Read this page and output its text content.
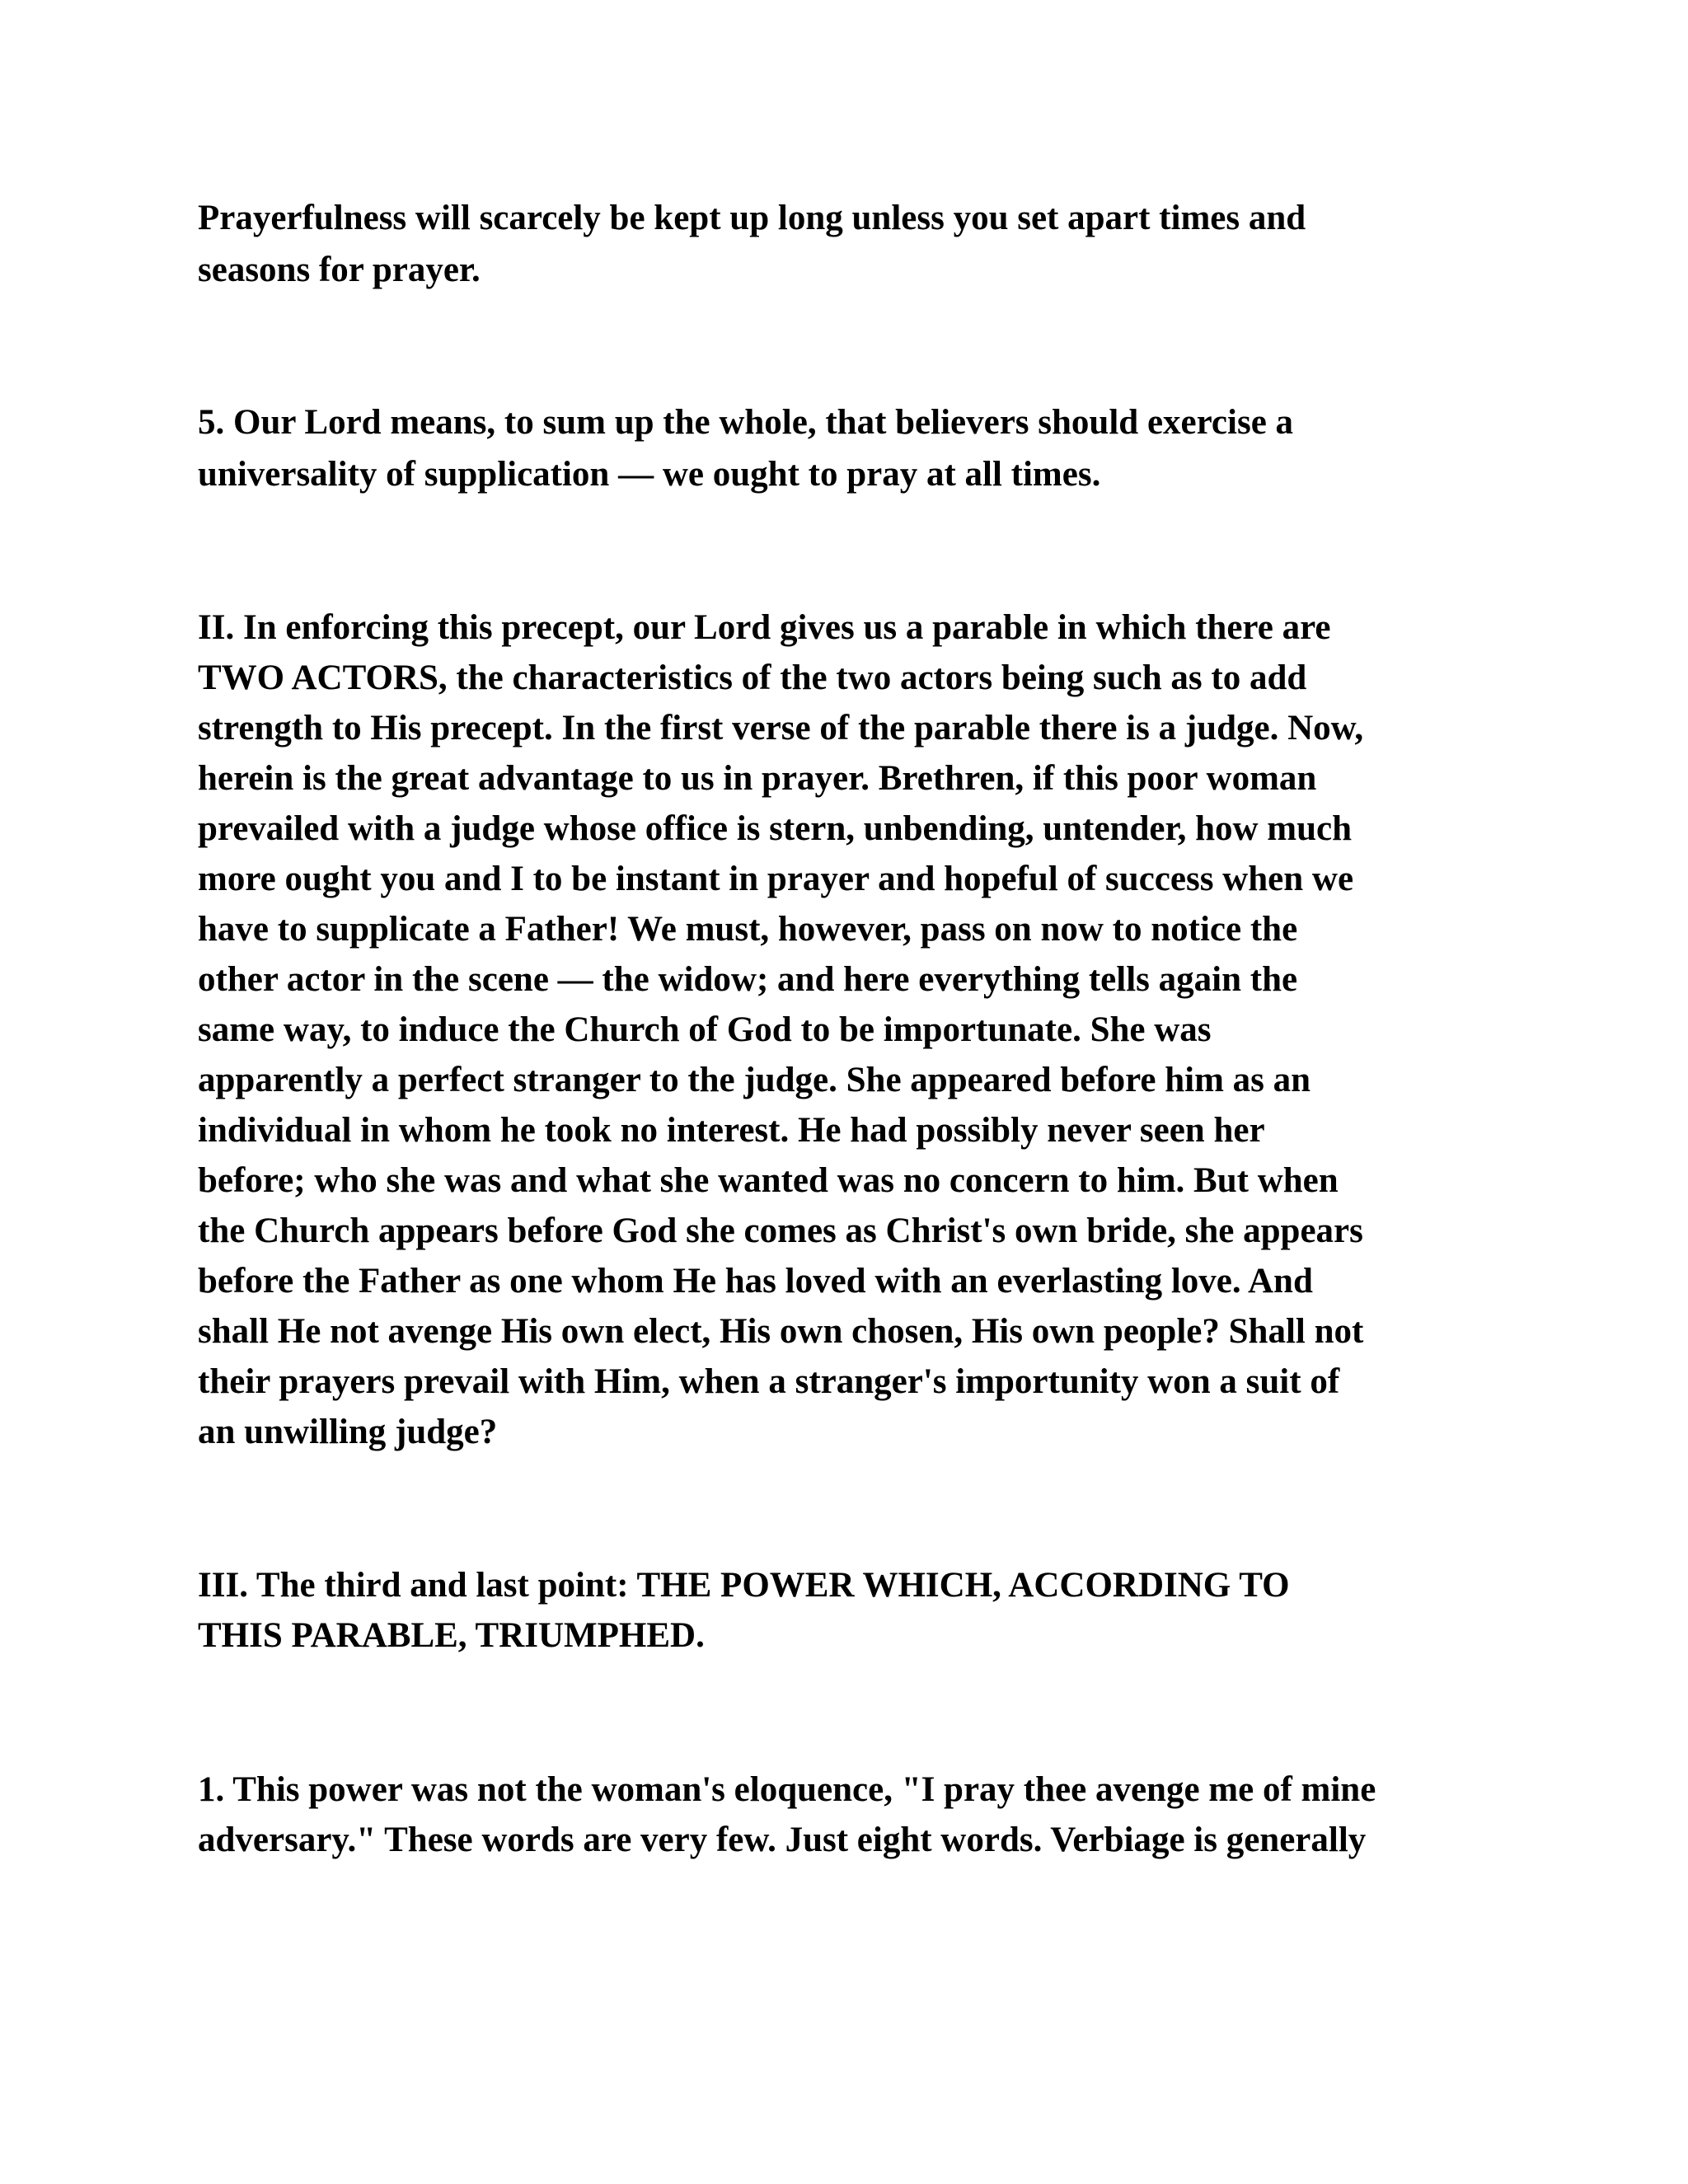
Prayerfulness will scarcely be kept up long unless you set apart times and

seasons for prayer.

5. Our Lord means, to sum up the whole, that believers should exercise a

universality of supplication — we ought to pray at all times.

II. In enforcing this precept, our Lord gives us a parable in which there are

TWO ACTORS, the characteristics of the two actors being such as to add

strength to His precept. In the first verse of the parable there is a judge. Now,

herein is the great advantage to us in prayer. Brethren, if this poor woman

prevailed with a judge whose office is stern, unbending, untender, how much

more ought you and I to be instant in prayer and hopeful of success when we

have to supplicate a Father! We must, however, pass on now to notice the

other actor in the scene — the widow; and here everything tells again the

same way, to induce the Church of God to be importunate. She was

apparently a perfect stranger to the judge. She appeared before him as an

individual in whom he took no interest. He had possibly never seen her

before; who she was and what she wanted was no concern to him. But when

the Church appears before God she comes as Christ's own bride, she appears

before the Father as one whom He has loved with an everlasting love. And

shall He not avenge His own elect, His own chosen, His own people? Shall not

their prayers prevail with Him, when a stranger's importunity won a suit of

an unwilling judge?

III. The third and last point: THE POWER WHICH, ACCORDING TO

THIS PARABLE, TRIUMPHED.

1. This power was not the woman's eloquence, "I pray thee avenge me of mine

adversary." These words are very few. Just eight words. Verbiage is generally
